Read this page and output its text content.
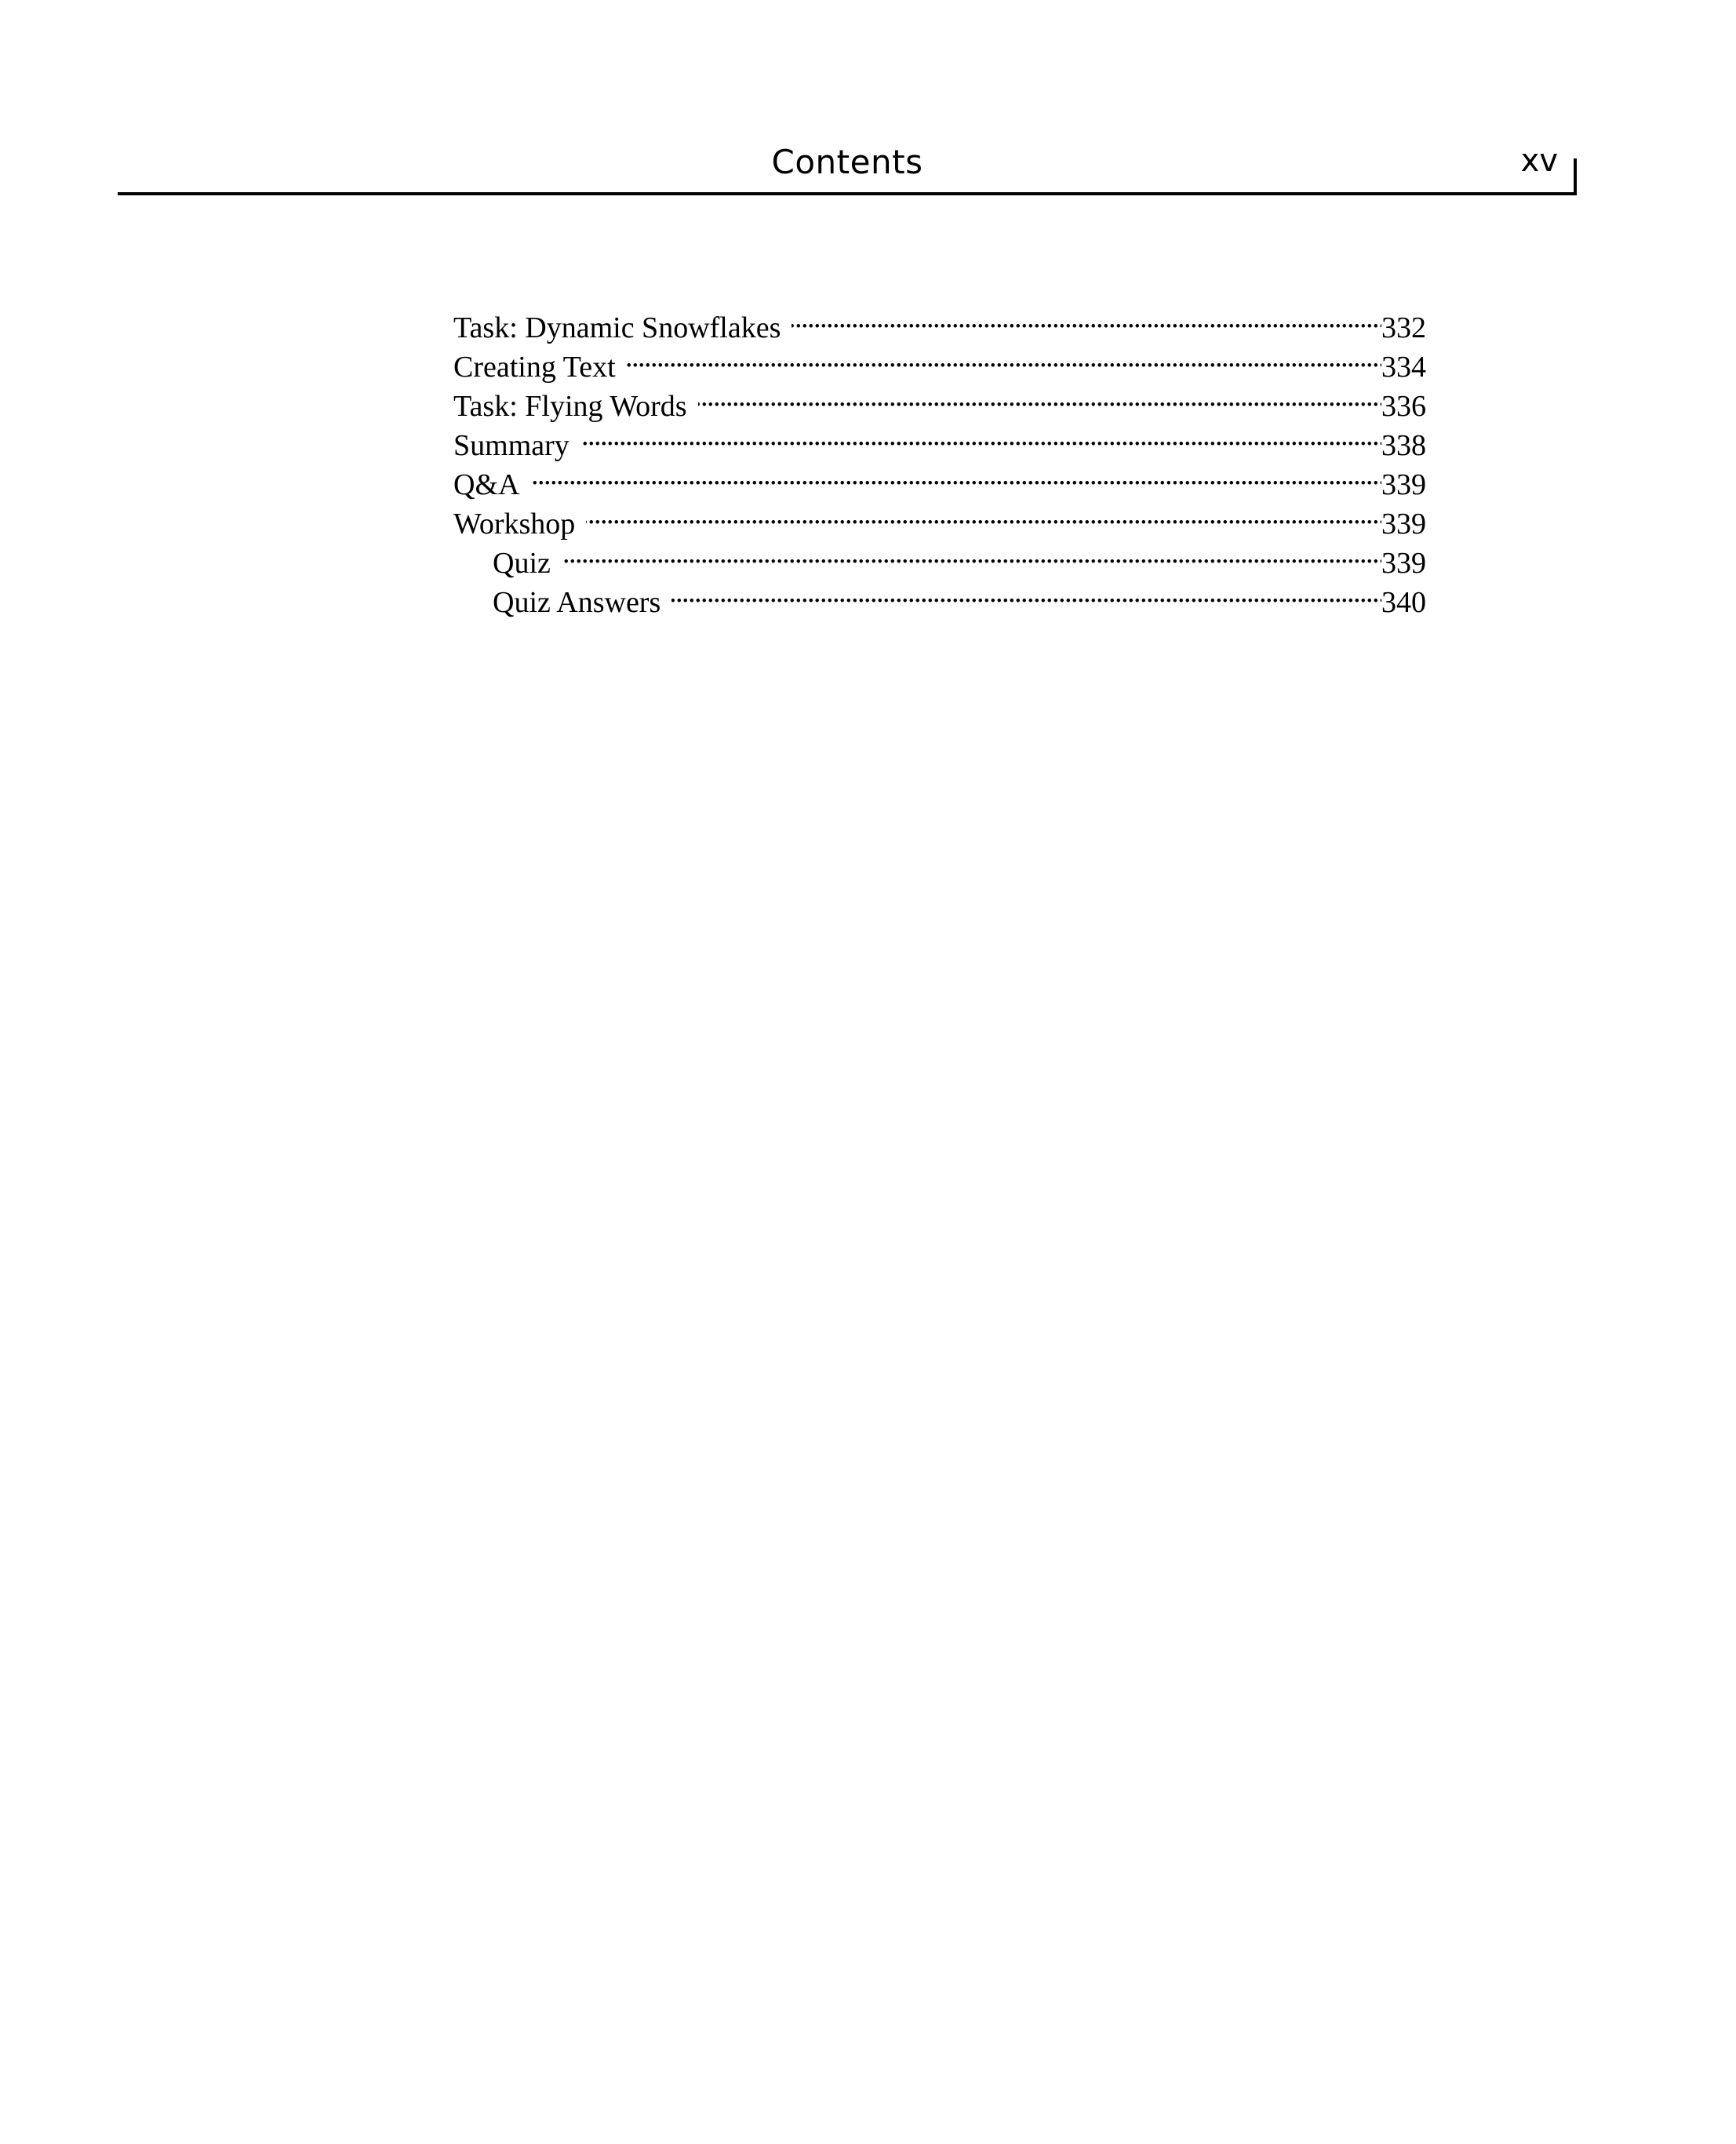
Contents	xv
Task: Dynamic Snowflakes . . .	332
Creating Text . . .	334
Task: Flying Words . . .	336
Summary . . .	338
Q&A . . .	339
Workshop . . .	339
Quiz . . .	339
Quiz Answers . . .	340
